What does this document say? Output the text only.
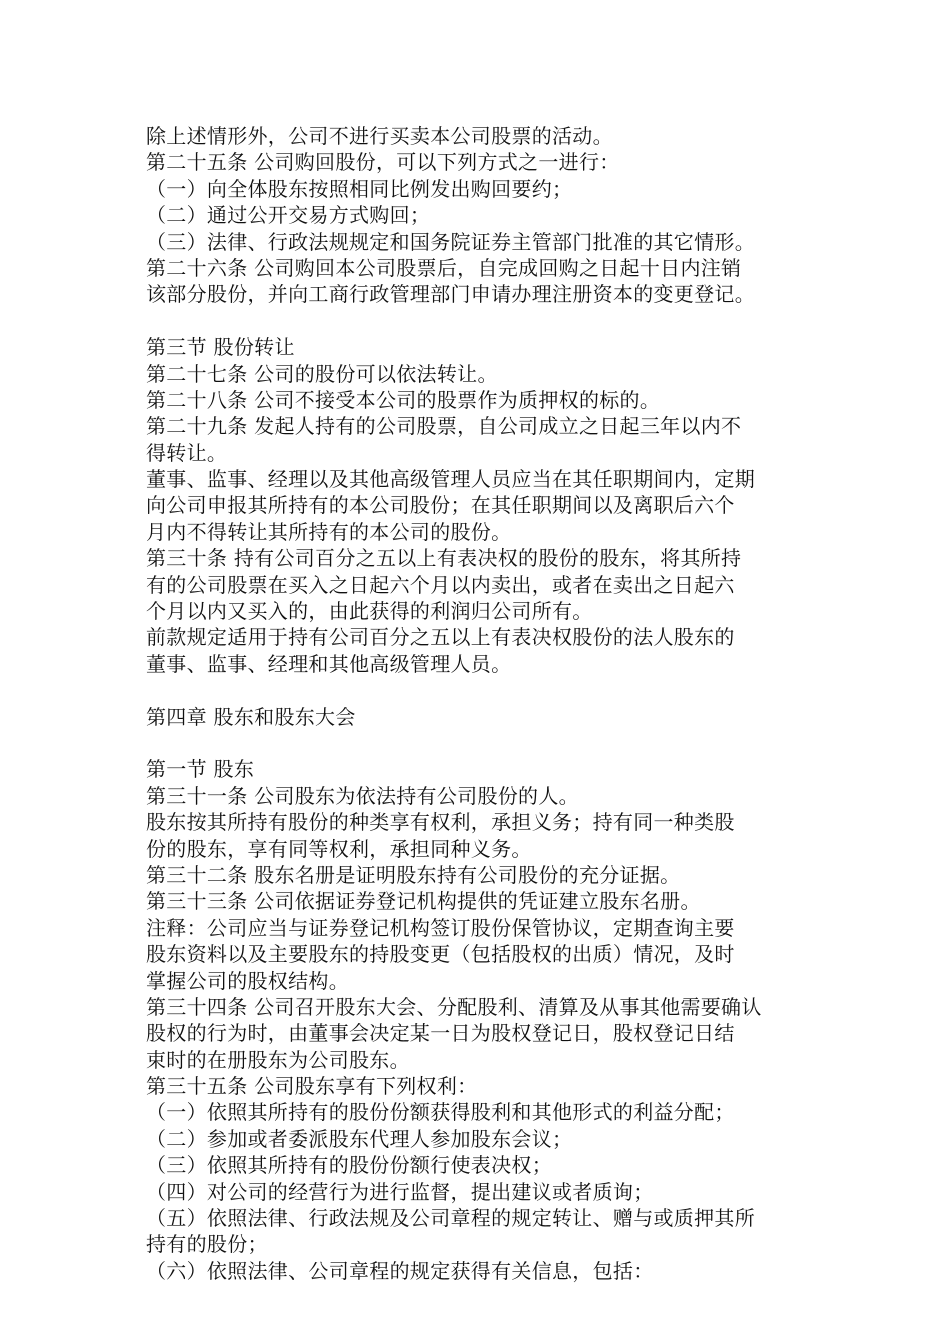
除上述情形外，公司不进行买卖本公司股票的活动。
第二十五条 公司购回股份，可以下列方式之一进行：
（一）向全体股东按照相同比例发出购回要约；
（二）通过公开交易方式购回；
（三）法律、行政法规规定和国务院证券主管部门批准的其它情形。
第二十六条 公司购回本公司股票后，自完成回购之日起十日内注销
该部分股份，并向工商行政管理部门申请办理注册资本的变更登记。
第三节 股份转让
第二十七条 公司的股份可以依法转让。
第二十八条 公司不接受本公司的股票作为质押权的标的。
第二十九条 发起人持有的公司股票，自公司成立之日起三年以内不
得转让。
董事、监事、经理以及其他高级管理人员应当在其任职期间内，定期
向公司申报其所持有的本公司股份；在其任职期间以及离职后六个
月内不得转让其所持有的本公司的股份。
第三十条 持有公司百分之五以上有表决权的股份的股东，将其所持
有的公司股票在买入之日起六个月以内卖出，或者在卖出之日起六
个月以内又买入的，由此获得的利润归公司所有。
前款规定适用于持有公司百分之五以上有表决权股份的法人股东的
董事、监事、经理和其他高级管理人员。
第四章 股东和股东大会
第一节 股东
第三十一条 公司股东为依法持有公司股份的人。
股东按其所持有股份的种类享有权利，承担义务；持有同一种类股
份的股东，享有同等权利，承担同种义务。
第三十二条 股东名册是证明股东持有公司股份的充分证据。
第三十三条 公司依据证券登记机构提供的凭证建立股东名册。
注释：公司应当与证券登记机构签订股份保管协议，定期查询主要
股东资料以及主要股东的持股变更（包括股权的出质）情况，及时
掌握公司的股权结构。
第三十四条 公司召开股东大会、分配股利、清算及从事其他需要确认
股权的行为时，由董事会决定某一日为股权登记日，股权登记日结
束时的在册股东为公司股东。
第三十五条 公司股东享有下列权利：
（一）依照其所持有的股份份额获得股利和其他形式的利益分配；
（二）参加或者委派股东代理人参加股东会议；
（三）依照其所持有的股份份额行使表决权；
（四）对公司的经营行为进行监督，提出建议或者质询；
（五）依照法律、行政法规及公司章程的规定转让、赠与或质押其所
持有的股份；
（六）依照法律、公司章程的规定获得有关信息，包括：
